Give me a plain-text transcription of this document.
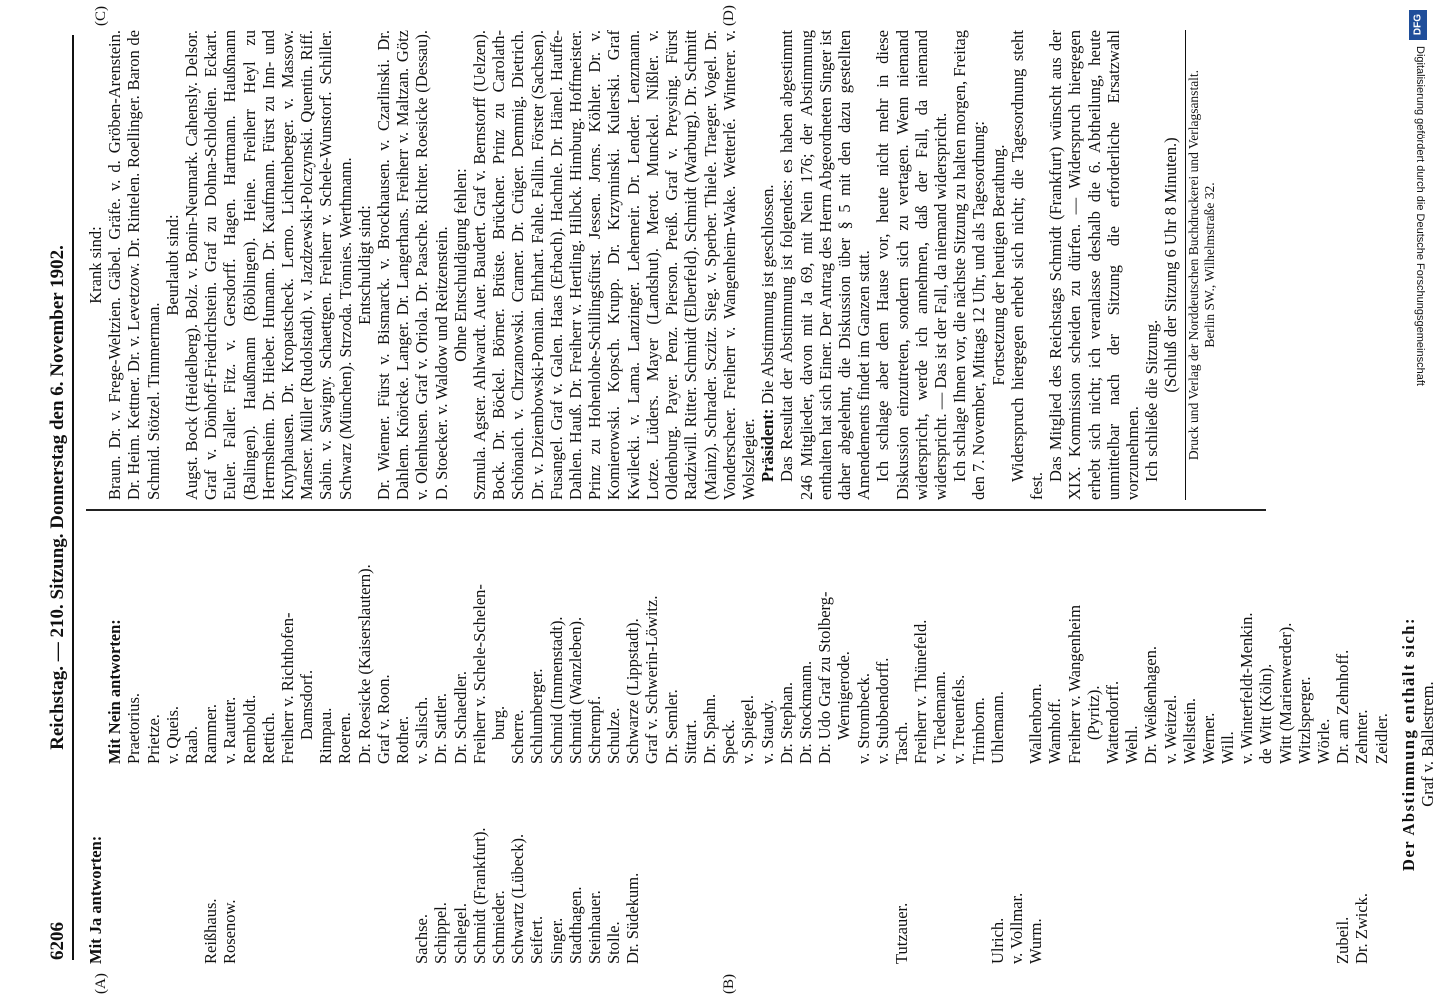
6206
Reichstag. — 210. Sitzung. Donnerstag den 6. November 1902.
(A)	(B)
(C)	(D)
Mit Ja antworten:
Mit Nein antworten: Praetorius. Prietze. v. Queis. Raab.
Reißhaus.
Rammer.
Rosenow.
v. Rautter. Remboldt. Rettich. Freiherr v. Richthofen- Damsdorf. Rimpau. Roeren. Dr. Roesicke (Kaiserslautern). Graf v. Roon. Rother.
Sachse.
v. Salisch.
Schippel.
Dr. Sattler.
Schlegel.
Dr. Schaedler.
Schmidt (Frankfurt).
Freiherr v. Schele-Schelen-
Schmieder.
burg.
Schwartz (Lübeck).
Scherre.
Seifert.
Schlumberger.
Singer.
Schmid (Immenstadt).
Stadthagen.
Schmidt (Wanzleben).
Steinhauer.
Schrempf.
Stolle.
Schulze.
Dr. Südekum.
Schwarze (Lippstadt). Graf v. Schwerin-Löwitz. Dr. Semler. Sittart. Dr. Spahn. Speck. v. Spiegel. v. Staudy. Dr. Stephan. Dr. Stockmann. Dr. Udo Graf zu Stolberg- Wernigerode. v. Strombeck. v. Stubbendorff.
Tutzauer.
Tasch. Freiherr v. Thünefeld. v. Tiedemann. v. Treuenfels. Trimborn.
Ulrich.
Uhlemann.
v. Vollmar. Wurm.
Wallenborn. Wamhoff. Freiherr v. Wangenheim (Pyritz). Wattendorff. Wehl. Dr. Weißenhagen. v. Weitzel. Wellstein. Werner. Will. v. Winterfeldt-Menkin. de Witt (Köln). Witt (Marienwerder). Witzlsperger. Wörle.
Zubeil.
Dr. am Zehnhoff.
Dr. Zwick.
Zehnter. Zeidler. Der Abstimmung enthält sich: Graf v. Ballestrem.
Krank sind: Braun. Dr. v. Frege-Weltzien. Gäbel. Gräfe. v. d. Gröben-Arenstein. Dr. Heim. Kettner. Dr. v. Levetzow. Dr. Rintelen. Roellinger. Baron de Schmid. Stötzel. Timmerman.
Beurlaubt sind: Augst. Bock (Heidelberg). Bolz. v. Bonin-Neumark. Cahensly. Delsor. Graf v. Dönhoff-Friedrichstein. Graf zu Dohna-Schlodien. Eckart. Euler. Faller. Fitz. v. Gersdorff. Hagen. Hartmann. Haußmann (Balingen). Haußmann (Böblingen). Heine. Freiherr Heyl zu Herrnsheim. Dr. Hieber. Humann. Dr. Kaufmann. Fürst zu Inn- und Knyphausen. Dr. Kropatscheck. Lerno. Lichtenberger. v. Massow. Manser. Müller (Rudolstadt). v. Jazdzewski-Polczynski. Quentin. Riff. Sabin. v. Savigny. Schaettgen. Freiherr v. Schele-Wunstorf. Schiller. Schwarz (München). Strzoda. Tönnies. Werthmann. Entschuldigt sind: Dr. Wiemer. Fürst v. Bismarck. v. Brockhausen. v. Czarlinski. Dr. Dahlem. Knörcke. Langer. Dr. Langerhans. Freiherr v. Maltzan. Götz v. Olenhusen. Graf v. Oriola. Dr. Paasche. Richter. Roesicke (Dessau). D. Stoecker. v. Waldow und Reitzenstein. Ohne Entschuldigung fehlen: Szmula. Agster. Ahlwardt. Auer. Baudert. Graf v. Bernstorff (Uelzen). Bock. Dr. Böckel. Börner. Brüste. Brückner. Prinz zu Carolath-Schönaich. v. Chrzanowski. Cramer. Dr. Crüger. Demmig. Dietrich. Dr. v. Dziembowski-Pomian. Ehrhart. Fahle. Fallin. Förster (Sachsen). Fusangel. Graf v. Galen. Haas (Erbach). Hachnle. Dr. Hänel. Hauffe-Dahlen. Hauß. Dr. Freiherr v. Hertling. Hilbck. Himburg. Hoffmeister. Prinz zu Hohenlohe-Schillingsfürst. Jessen. Jorns. Köhler. Dr. v. Komierowski. Kopsch. Krupp. Dr. Krzyminski. Kulerski. Graf Kwilecki. v. Lama. Lanzinger. Lehemeir. Dr. Lender. Lenzmann. Lotze. Lüders. Mayer (Landshut). Merot. Munckel. Nißler. v. Oldenburg. Payer. Penz. Pierson. Preiß. Graf v. Preysing. Fürst Radziwill. Ritter. Schmidt (Elberfeld). Schmidt (Warburg). Dr. Schmitt (Mainz). Schrader. Sczitz. Sieg. v. Sperber. Thiele. Traeger. Vogel. Dr. Vonderscheer. Freiherr v. Wangenheim-Wake. Wetterlé. Winterer. v. Wolszlegier. Präsident: Die Abstimmung ist geschlossen. Das Resultat der Abstimmung ist folgendes: es haben abgestimmt 246 Mitglieder, davon mit Ja 69, mit Nein 176; der Abstimmung enthalten hat sich Einer. Der Antrag des Herrn Abgeordneten Singer ist daher abgelehnt, die Diskussion über § 5 mit den dazu gestellten Amendements findet im Ganzen statt. Ich schlage aber dem Hause vor, heute nicht mehr in diese Diskussion einzutreten, sondern sich zu vertagen. Wenn niemand widerspricht, werde ich annehmen, daß der Fall, da niemand widerspricht. — Das ist der Fall, da niemand widerspricht. Ich schlage Ihnen vor, die nächste Sitzung zu halten morgen, Freitag den 7. November, Mittags 12 Uhr, und als Tagesordnung: Fortsetzung der heutigen Berathung. Widerspruch hiergegen erhebt sich nicht; die Tagesordnung steht fest.
Das Mitglied des Reichstags Schmidt (Frankfurt) wünscht aus der XIX. Kommission scheiden zu dürfen. — Widerspruch hiergegen erhebt sich nicht; ich veranlasse deshalb die 6. Abtheilung, heute unmittelbar nach der Sitzung die erforderliche Ersatzwahl vorzunehmen. Ich schließe die Sitzung.
(Schluß der Sitzung 6 Uhr 8 Minuten.) Druck und Verlag der Norddeutschen Buchdruckerei und Verlagsanstalt. Berlin SW., Wilhelmstraße 32.
DFG
Digitalisierung gefördert durch die Deutsche Forschungsgemeinschaft
